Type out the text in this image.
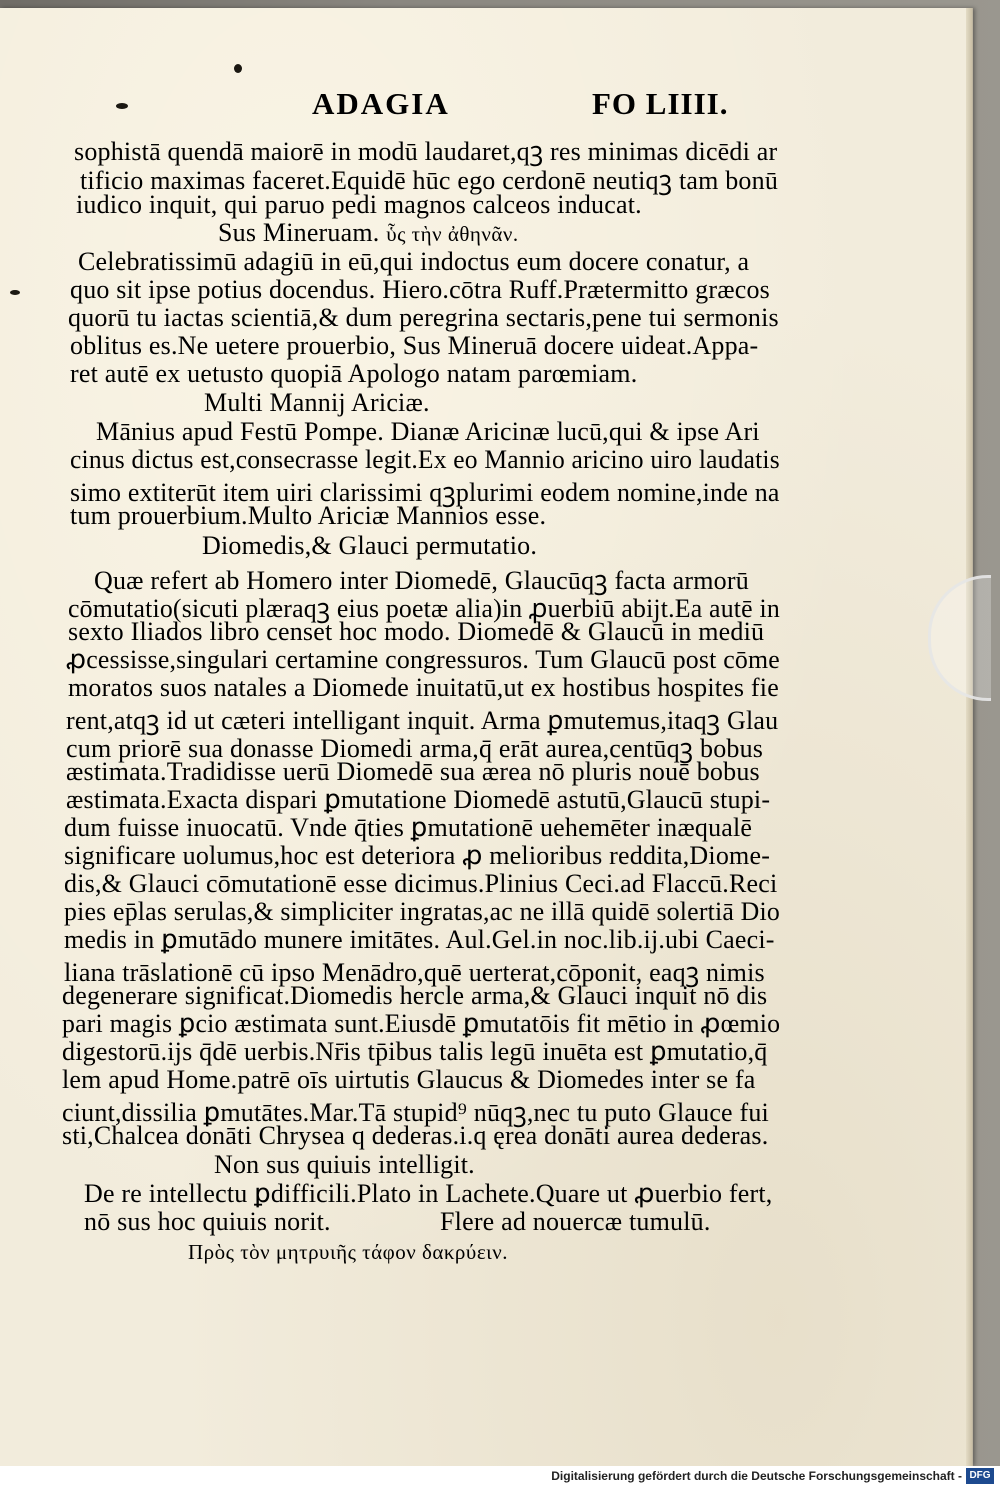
ADAGIA	FO LIIII.
sophistā quendā maiorē in modū laudaret,qꝫ res minimas dicēdi ar
tificio maximas faceret.Equidē hūc ego cerdonē neutiqꝫ tam bonū
iudico inquit, qui paruo pedi magnos calceos inducat.
Sus Mineruam. ὗς τὴν ἀθηνᾶν.
Celebratissimū adagiū in eū,qui indoctus eum docere conatur, a
quo sit ipse potius docendus. Hiero.cōtra Ruff.Prætermitto græcos
quorū tu iactas scientiā,& dum peregrina sectaris,pene tui sermonis
oblitus es.Ne uetere prouerbio, Sus Mineruā docere uideat.Appa-
ret autē ex uetusto quopiā Apologo natam parœmiam.
Multi Mannij Ariciæ.
Mānius apud Festū Pompe. Dianæ Aricinæ lucū,qui & ipse Ari
cinus dictus est,consecrasse legit.Ex eo Mannio aricino uiro laudatis
simo extiterūt item uiri clarissimi qꝫplurimi eodem nomine,inde na
tum prouerbium.Multo Ariciæ Mannios esse.
Diomedis,& Glauci permutatio.
Quæ refert ab Homero inter Diomedē, Glaucūqꝫ facta armorū
cōmutatio(sicuti plæraqꝫ eius poetæ alia)in ꝓuerbiū abijt.Ea autē in
sexto Iliados libro censet hoc modo. Diomedē & Glaucū in mediū
ꝓcessisse,singulari certamine congressuros. Tum Glaucū post cōme
moratos suos natales a Diomede inuitatū,ut ex hostibus hospites fie
rent,atqꝫ id ut cæteri intelligant inquit. Arma ꝑmutemus,itaqꝫ Glau
cum priorē sua donasse Diomedi arma,q̄ erāt aurea,centūqꝫ bobus
æstimata.Tradidisse uerū Diomedē sua ærea nō pluris nouē bobus
æstimata.Exacta dispari ꝑmutatione Diomedē astutū,Glaucū stupi-
dum fuisse inuocatū. Vnde q̄ties ꝑmutationē uehemēter inæqualē
significare uolumus,hoc est deteriora ꝓ melioribus reddita,Diome-
dis,& Glauci cōmutationē esse dicimus.Plinius Ceci.ad Flaccū.Reci
pies ep̄las serulas,& simpliciter ingratas,ac ne illā quidē solertiā Dio
medis in ꝑmutādo munere imitātes. Aul.Gel.in noc.lib.ij.ubi Caeci-
liana trāslationē cū ipso Menādro,quē uerterat,cōponit, eaqꝫ nimis
degenerare significat.Diomedis hercle arma,& Glauci inquit nō dis
pari magis ꝑcio æstimata sunt.Eiusdē ꝑmutatōis fit mētio in ꝓœmio
digestorū.ijs q̄dē uerbis.Nr̄is tp̄ibus talis legū inuēta est ꝑmutatio,q̄
lem apud Home.patrē oīs uirtutis Glaucus & Diomedes inter se fa
ciunt,dissilia ꝑmutātes.Mar.Tā stupid⁹ nūqꝫ,nec tu puto Glauce fui
sti,Chalcea donāti Chrysea q dederas.i.q ęrea donāti aurea dederas.
Non sus quiuis intelligit.
De re intellectu ꝑdifficili.Plato in Lachete.Quare ut ꝓuerbio fert,
nō sus hoc quiuis norit.	Flere ad nouercæ tumulū.
Πρὸς τὸν μητρυιῆς τάφον δακρύειν.
Digitalisierung gefördert durch die Deutsche Forschungsgemeinschaft - DFG
